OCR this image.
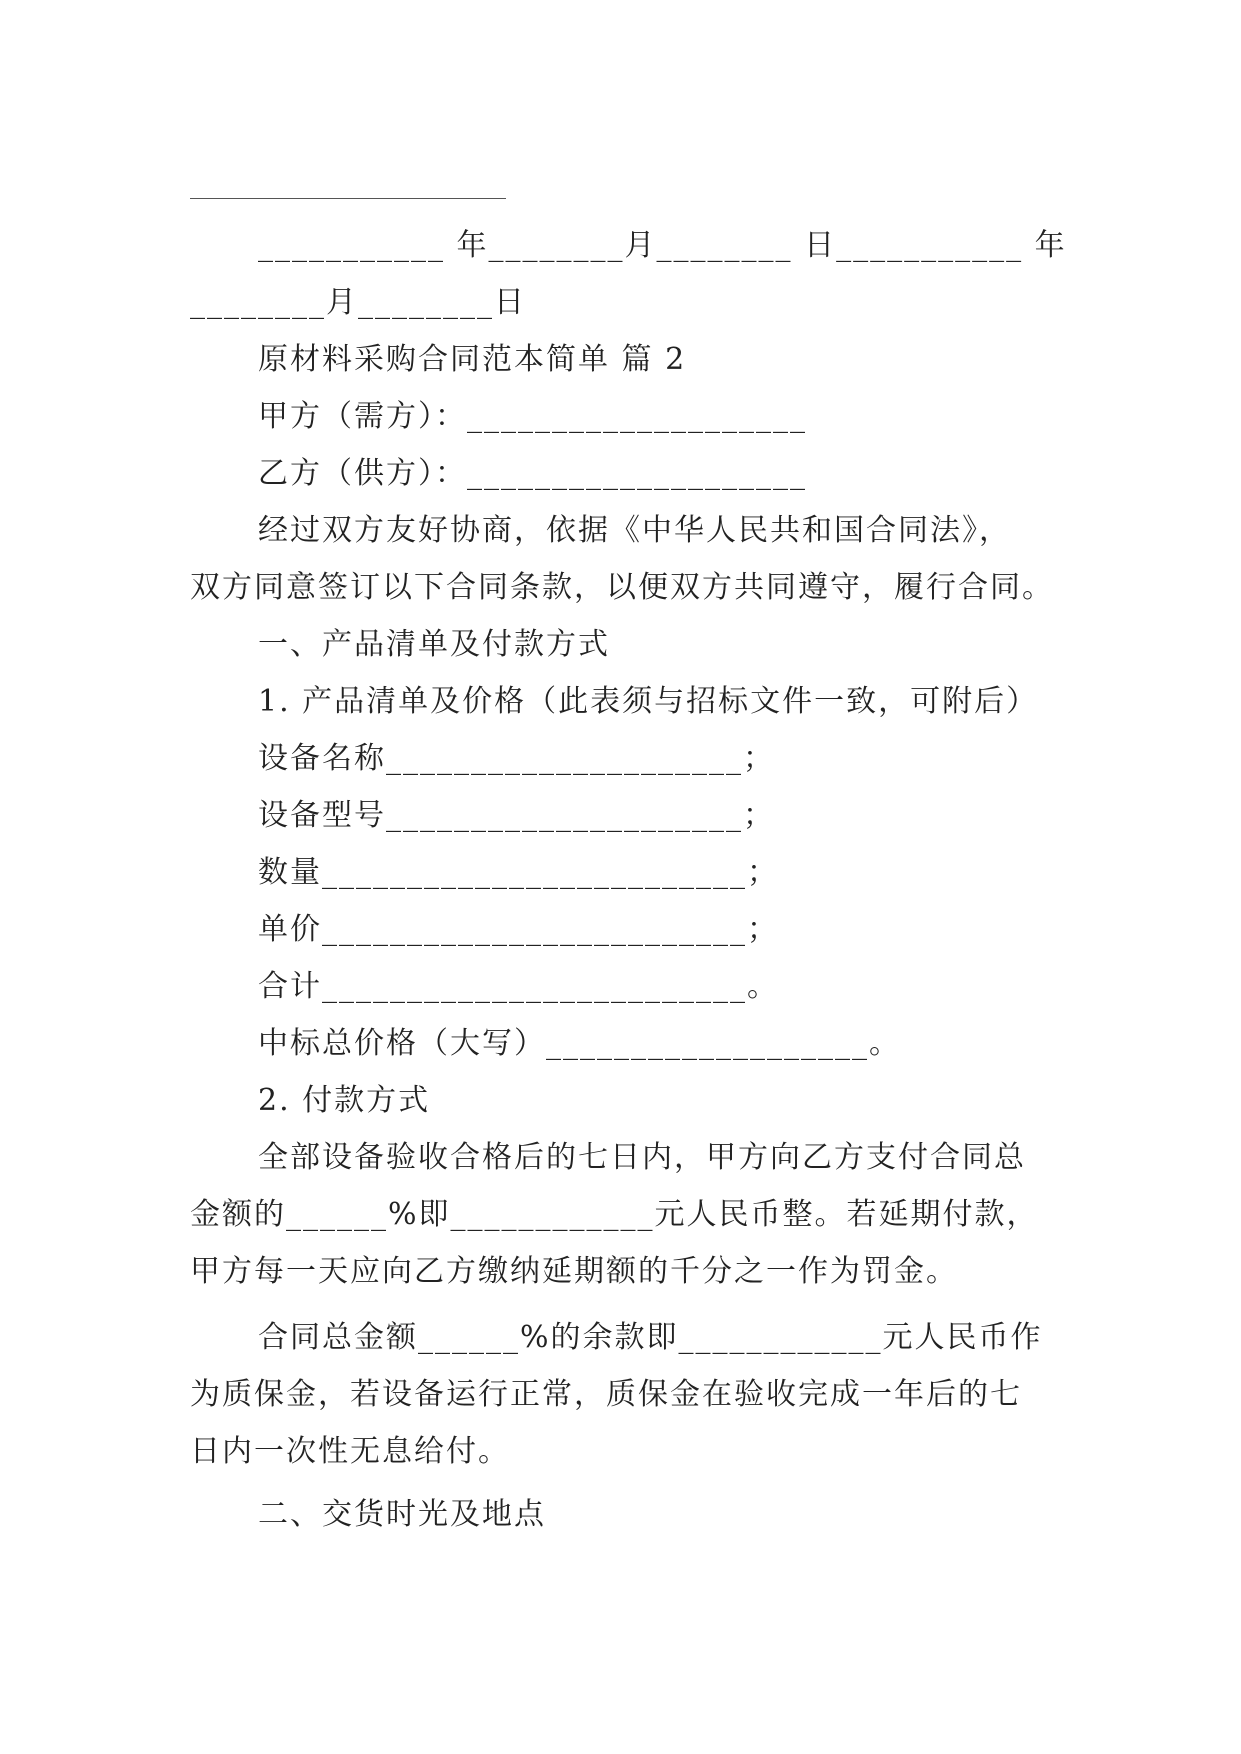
___________ 年________月________ 日___________ 年
________月________日
原材料采购合同范本简单 篇 2
甲方（需方）：____________________
乙方（供方）：____________________
经过双方友好协商，依据《中华人民共和国合同法》，
双方同意签订以下合同条款，以便双方共同遵守，履行合同。
一、产品清单及付款方式
1. 产品清单及价格（此表须与招标文件一致，可附后）
设备名称_____________________；
设备型号_____________________；
数量_________________________；
单价_________________________；
合计_________________________。
中标总价格（大写）___________________。
2. 付款方式
全部设备验收合格后的七日内，甲方向乙方支付合同总
金额的______%即____________元人民币整。若延期付款，
甲方每一天应向乙方缴纳延期额的千分之一作为罚金。
合同总金额______%的余款即____________元人民币作
为质保金，若设备运行正常，质保金在验收完成一年后的七
日内一次性无息给付。
二、交货时光及地点
